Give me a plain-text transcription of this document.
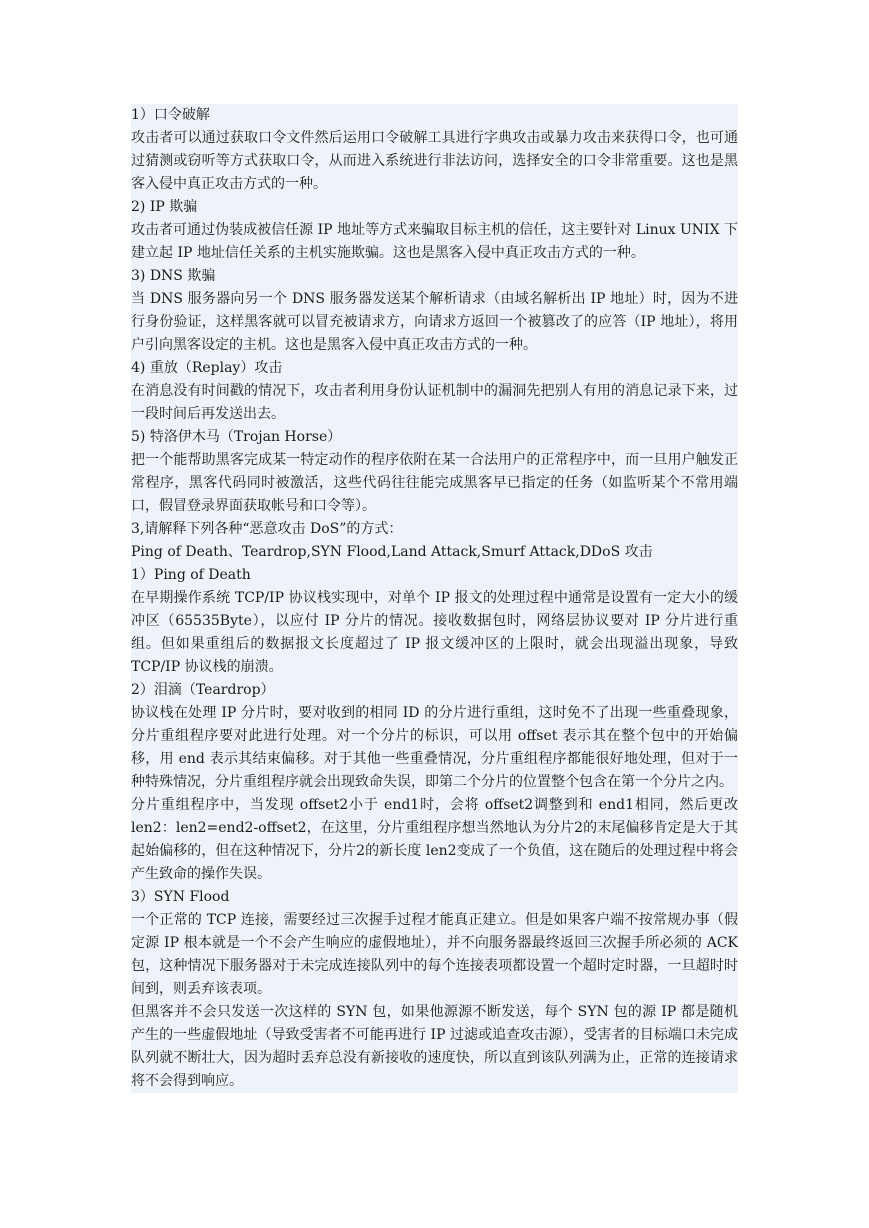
1）口令破解

攻击者可以通过获取口令文件然后运用口令破解工具进行字典攻击或暴力攻击来获得口令，也可通过猜测或窃听等方式获取口令，从而进入系统进行非法访问，选择安全的口令非常重要。这也是黑客入侵中真正攻击方式的一种。

2) IP 欺骗

攻击者可通过伪装成被信任源 IP 地址等方式来骗取目标主机的信任，这主要针对 Linux UNIX 下建立起 IP 地址信任关系的主机实施欺骗。这也是黑客入侵中真正攻击方式的一种。

3) DNS 欺骗

当 DNS 服务器向另一个 DNS 服务器发送某个解析请求（由域名解析出 IP 地址）时，因为不进行身份验证，这样黑客就可以冒充被请求方，向请求方返回一个被篡改了的应答（IP 地址），将用户引向黑客设定的主机。这也是黑客入侵中真正攻击方式的一种。

4) 重放（Replay）攻击

在消息没有时间戳的情况下，攻击者利用身份认证机制中的漏洞先把别人有用的消息记录下来，过一段时间后再发送出去。

5) 特洛伊木马（Trojan Horse）

把一个能帮助黑客完成某一特定动作的程序依附在某一合法用户的正常程序中，而一旦用户触发正常程序，黑客代码同时被激活，这些代码往往能完成黑客早已指定的任务（如监听某个不常用端口，假冒登录界面获取帐号和口令等）。

3,请解释下列各种“恶意攻击 DoS”的方式：

Ping of Death、Teardrop,SYN Flood,Land Attack,Smurf Attack,DDoS 攻击

1）Ping of Death

在早期操作系统 TCP/IP 协议栈实现中，对单个 IP 报文的处理过程中通常是设置有一定大小的缓冲区（65535Byte），以应付 IP 分片的情况。接收数据包时，网络层协议要对 IP 分片进行重组。但如果重组后的数据报文长度超过了 IP 报文缓冲区的上限时，就会出现溢出现象，导致 TCP/IP 协议栈的崩溃。

2）泪滴（Teardrop）

协议栈在处理 IP 分片时，要对收到的相同 ID 的分片进行重组，这时免不了出现一些重叠现象，分片重组程序要对此进行处理。对一个分片的标识，可以用 offset 表示其在整个包中的开始偏移，用 end 表示其结束偏移。对于其他一些重叠情况，分片重组程序都能很好地处理，但对于一种特殊情况，分片重组程序就会出现致命失误，即第二个分片的位置整个包含在第一个分片之内。

分片重组程序中，当发现 offset2小于 end1时，会将 offset2调整到和 end1相同，然后更改 len2：len2=end2-offset2，在这里，分片重组程序想当然地认为分片2的末尾偏移肯定是大于其起始偏移的，但在这种情况下，分片2的新长度 len2变成了一个负值，这在随后的处理过程中将会产生致命的操作失误。

3）SYN Flood

一个正常的 TCP 连接，需要经过三次握手过程才能真正建立。但是如果客户端不按常规办事（假定源 IP 根本就是一个不会产生响应的虚假地址），并不向服务器最终返回三次握手所必须的 ACK 包，这种情况下服务器对于未完成连接队列中的每个连接表项都设置一个超时定时器，一旦超时时间到，则丢弃该表项。

但黑客并不会只发送一次这样的 SYN 包，如果他源源不断发送，每个 SYN 包的源 IP 都是随机产生的一些虚假地址（导致受害者不可能再进行 IP 过滤或追查攻击源），受害者的目标端口未完成队列就不断壮大，因为超时丢弃总没有新接收的速度快，所以直到该队列满为止，正常的连接请求将不会得到响应。
